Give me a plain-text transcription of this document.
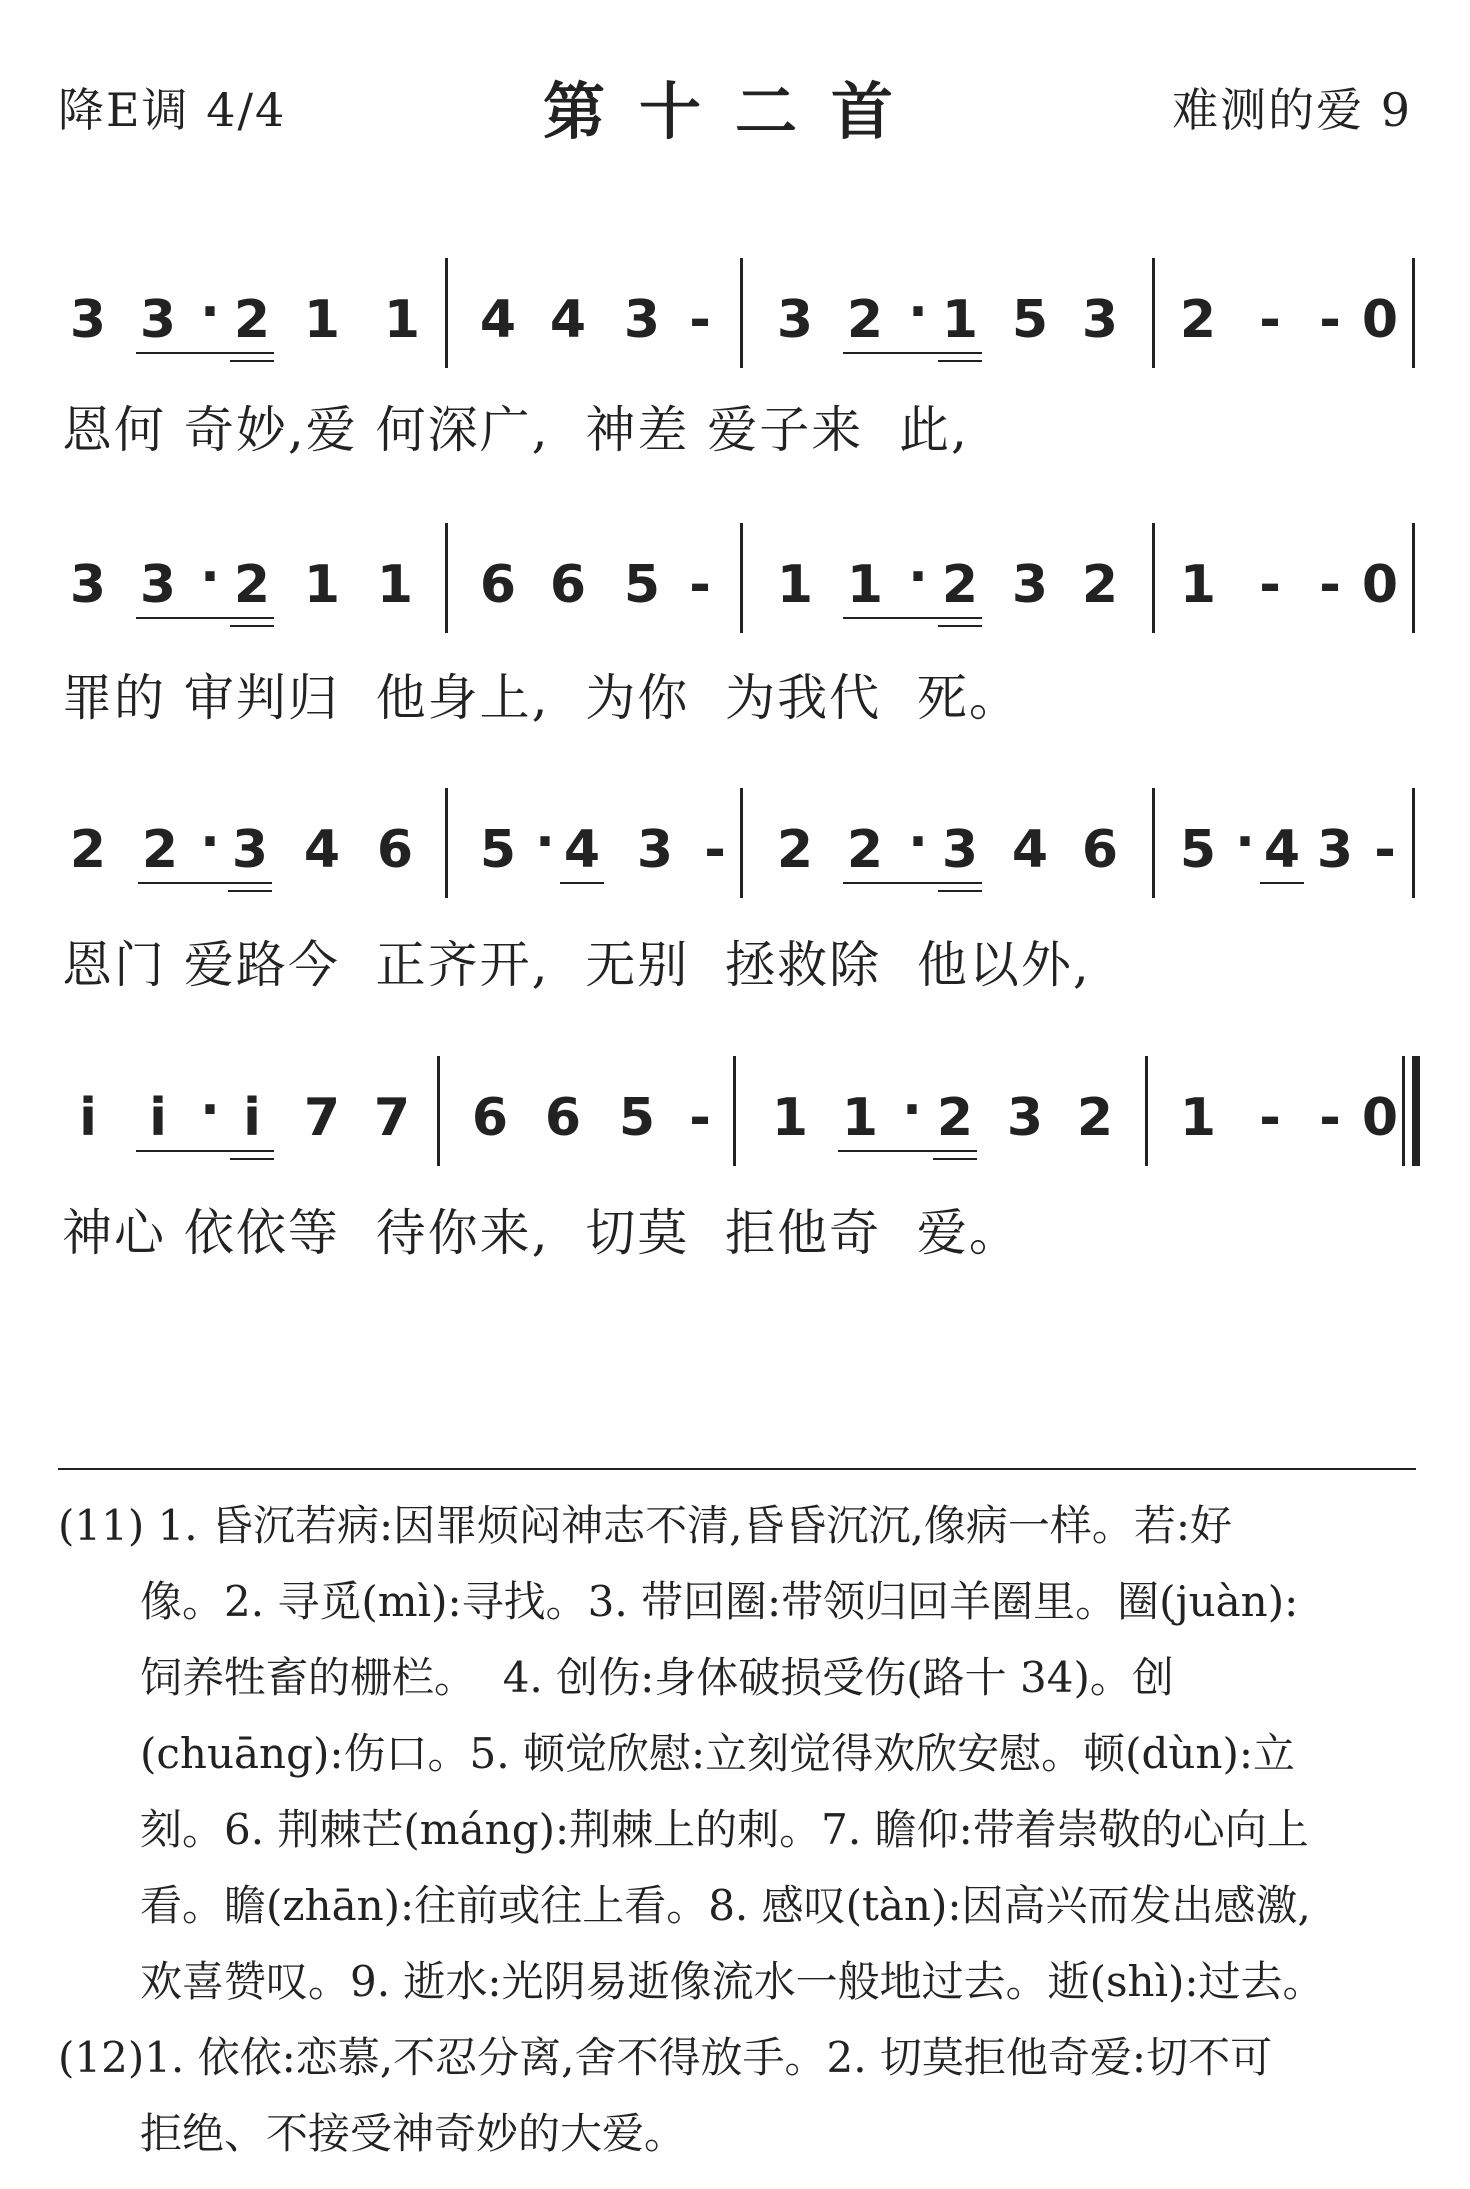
降E调 4/4	第十二首	难测的爱 9
3 3 · 2 1 1 4 4 3 - 3 2 · 1 5 3 2 - - 0
恩何 奇妙,爱 何深广,  神差 爱子来  此,
3 3 · 2 1 1 6 6 5 - 1 1 · 2 3 2 1 - - 0
罪的 审判归  他身上,  为你  为我代  死。
2 2 · 3 4 6 5 · 4 3 - 2 2 · 3 4 6 5 · 4 3 -
恩门 爱路今  正齐开,  无别  拯救除  他以外,
i	i · i 7 7 6 6 5 - 1 1 · 2 3 2 1 - - 0
神心 依依等  待你来,  切莫  拒他奇  爱。
(11) 1. 昏沉若病:因罪烦闷神志不清,昏昏沉沉,像病一样。若:好
像。2. 寻觅(mì):寻找。3. 带回圈:带领归回羊圈里。圈(juàn):
饲养牲畜的栅栏。  4. 创伤:身体破损受伤(路十 34)。创
(chuāng):伤口。5. 顿觉欣慰:立刻觉得欢欣安慰。顿(dùn):立
刻。6. 荆棘芒(máng):荆棘上的刺。7. 瞻仰:带着崇敬的心向上
看。瞻(zhān):往前或往上看。8. 感叹(tàn):因高兴而发出感激,
欢喜赞叹。9. 逝水:光阴易逝像流水一般地过去。逝(shì):过去。
(12)1. 依依:恋慕,不忍分离,舍不得放手。2. 切莫拒他奇爱:切不可
拒绝、不接受神奇妙的大爱。
